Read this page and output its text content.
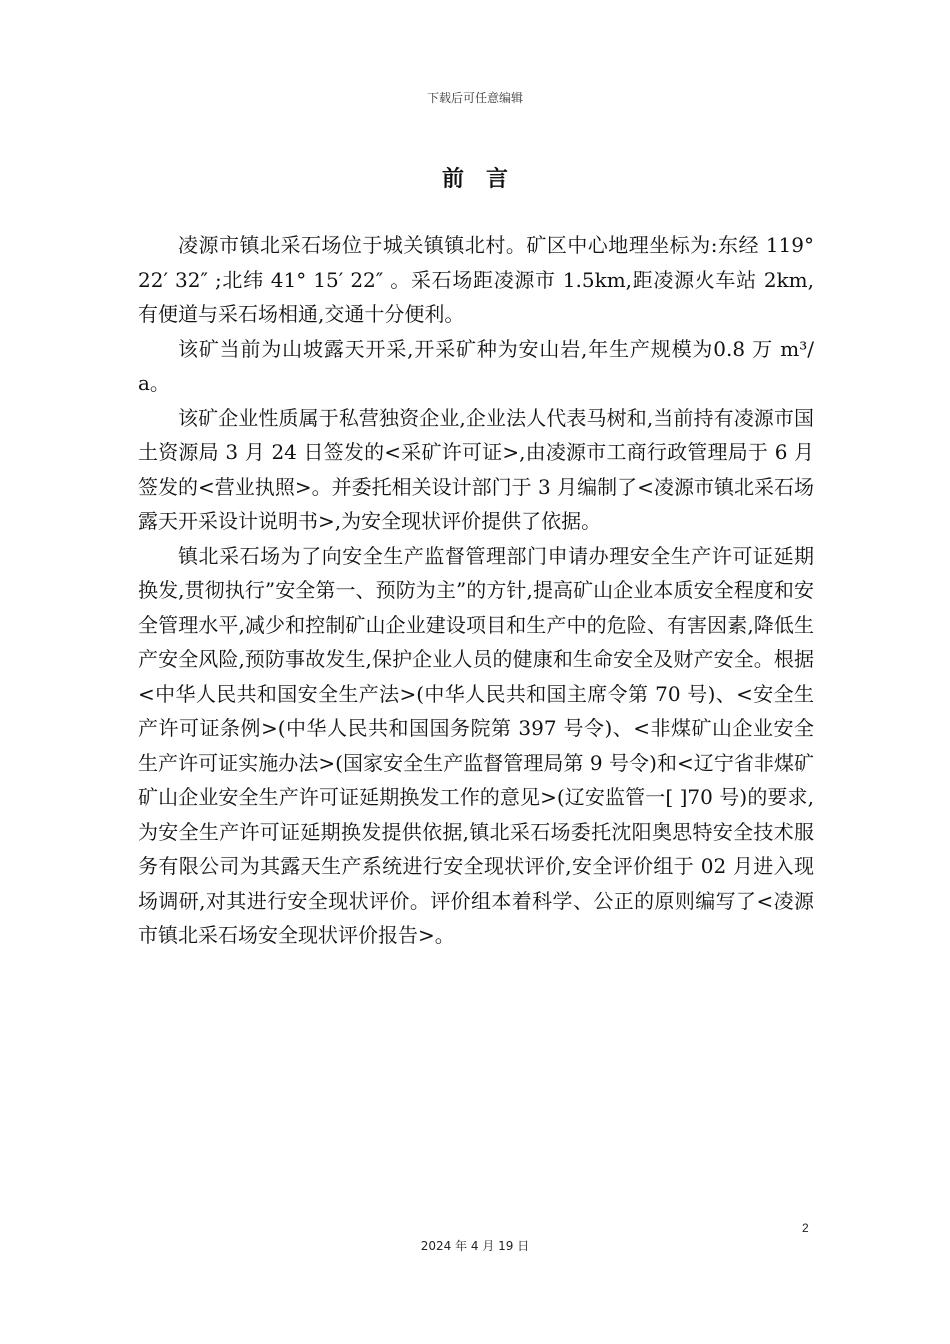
下载后可任意编辑
前言

凌源市镇北采石场位于城关镇镇北村。矿区中心地理坐标为:东经 119° 22′ 32″ ;北纬 41° 15′ 22″ 。采石场距凌源市 1.5km,距凌源火车站 2km,有便道与采石场相通,交通十分便利。

该矿当前为山坡露天开采,开采矿种为安山岩,年生产规模为0.8 万 m³/a。

该矿企业性质属于私营独资企业,企业法人代表马树和,当前持有凌源市国土资源局 3 月 24 日签发的<采矿许可证>,由凌源市工商行政管理局于 6 月签发的<营业执照>。并委托相关设计部门于 3 月编制了<凌源市镇北采石场露天开采设计说明书>,为安全现状评价提供了依据。

镇北采石场为了向安全生产监督管理部门申请办理安全生产许可证延期换发,贯彻执行”安全第一、预防为主”的方针,提高矿山企业本质安全程度和安全管理水平,减少和控制矿山企业建设项目和生产中的危险、有害因素,降低生产安全风险,预防事故发生,保护企业人员的健康和生命安全及财产安全。根据<中华人民共和国安全生产法>(中华人民共和国主席令第 70 号)、<安全生产许可证条例>(中华人民共和国国务院第 397 号令)、<非煤矿山企业安全生产许可证实施办法>(国家安全生产监督管理局第 9 号令)和<辽宁省非煤矿矿山企业安全生产许可证延期换发工作的意见>(辽安监管一[ ]70 号)的要求,为安全生产许可证延期换发提供依据,镇北采石场委托沈阳奥思特安全技术服务有限公司为其露天生产系统进行安全现状评价,安全评价组于 02 月进入现场调研,对其进行安全现状评价。评价组本着科学、公正的原则编写了<凌源市镇北采石场安全现状评价报告>。

2
2024 年 4 月 19 日
